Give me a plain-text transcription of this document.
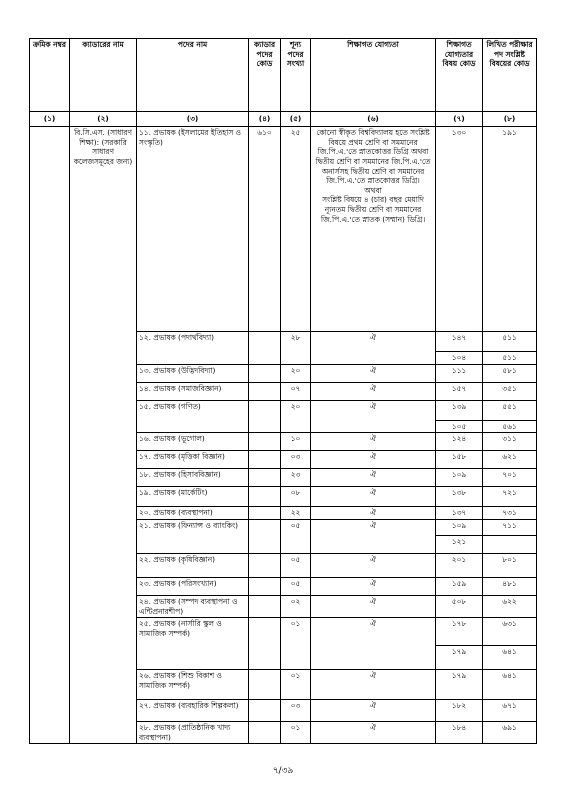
ক্রমিক নম্বর	ক্যাডারের নাম	পদের নাম	ক্যাডার পদের কোড	শূন্য পদের সংখ্যা	শিক্ষাগত যোগ্যতা	শিক্ষাগত যোগ্যতার বিষয় কোড	লিখিত পরীক্ষার পদ সংশ্লিষ্ট বিষয়ের কোড
(১)	(২)	(৩)	(৪)	(৫)	(৬)	(৭)	(৮)
	বি.সি.এস. (সাধারণ শিক্ষা): (সরকারি সাধারণ কলেজসমূহের জন্য)	১১. প্রভাষক (ইসলামের ইতিহাস ও সংস্কৃতি)	৬১০	২৫	কোনো স্বীকৃত বিশ্ববিদ্যালয় হতে সংশ্লিষ্ট বিষয়ে প্রথম শ্রেণি বা সমমানের জি.পি.এ.'তে স্নাতকোত্তর ডিগ্রি অথবা দ্বিতীয় শ্রেণি বা সমমানের জি.পি.এ.'তে অনার্সসহ দ্বিতীয় শ্রেণি বা সমমানের জি.পি.এ.'তে স্নাতকোত্তর ডিগ্রি।
অথবা
সংশ্লিষ্ট বিষয়ে ৪ (চার) বছর মেয়াদি ন্যূনতম দ্বিতীয় শ্রেণি বা সমমানের জি.পি.এ.'তে স্নাতক (সম্মান) ডিগ্রি।	১৩০	১৯১
		১২. প্রভাষক (পদার্থবিদ্যা)		২৮	ঐ	১৪৭	৫১১
						১০৪	৫১১
		১৩. প্রভাষক (উদ্ভিদবিদ্যা)		২০	ঐ	১১১	৫৮১
		১৪. প্রভাষক (সমাজবিজ্ঞান)		০৭	ঐ	১৫৭	৩৫১
		১৫. প্রভাষক (গণিত)		২০	ঐ	১৩৯	৫৫১
						১০৫	৫৬১
		১৬. প্রভাষক (ভূগোল)		১০	ঐ	১২৪	৩১১
		১৭. প্রভাষক (মৃত্তিকা বিজ্ঞান)		০৩	ঐ	১৫৮	৬২১
		১৮. প্রভাষক (হিসাববিজ্ঞান)		২৩	ঐ	১০৯	৭০১
		১৯. প্রভাষক (মার্কেটিং)		০৮	ঐ	১৩৮	৭২১
		২০. প্রভাষক (ব্যবস্থাপনা)		২২	ঐ	১৩৭	৭৩১
		২১. প্রভাষক (ফিন্যান্স ও ব্যাংকিং)		০৫	ঐ	১০৯	৭১১
						১২১	
		২২. প্রভাষক (কৃষিবিজ্ঞান)		০৫	ঐ	২০১	৮০১
		২৩. প্রভাষক (পরিসংখ্যান)		০৫	ঐ	১৫৯	৪৮১
		২৪. প্রভাষক (সম্পদ ব্যবস্থাপনা ও এন্টিপ্রনারশীপ)		০২	ঐ	৫০৮	৬২২
		২৫. প্রভাষক (নার্সারি স্কুল ও সামাজিক সম্পর্ক)		০১	ঐ	১৭৮	৬৩১
						১৭৯	৬৪১
		২৬. প্রভাষক (শিশু বিকাশ ও সামাজিক সম্পর্ক)		০১	ঐ	১৭৯	৬৪১
		২৭. প্রভাষক (ব্যবহারিক শিল্পকলা)		০৩	ঐ	১৮২	৬৭১
		২৮. প্রভাষক (প্রাতিষ্ঠানিক খাদ্য ব্যবস্থাপনা)		০১	ঐ	১৮৪	৬৯১
৭/৩৯
